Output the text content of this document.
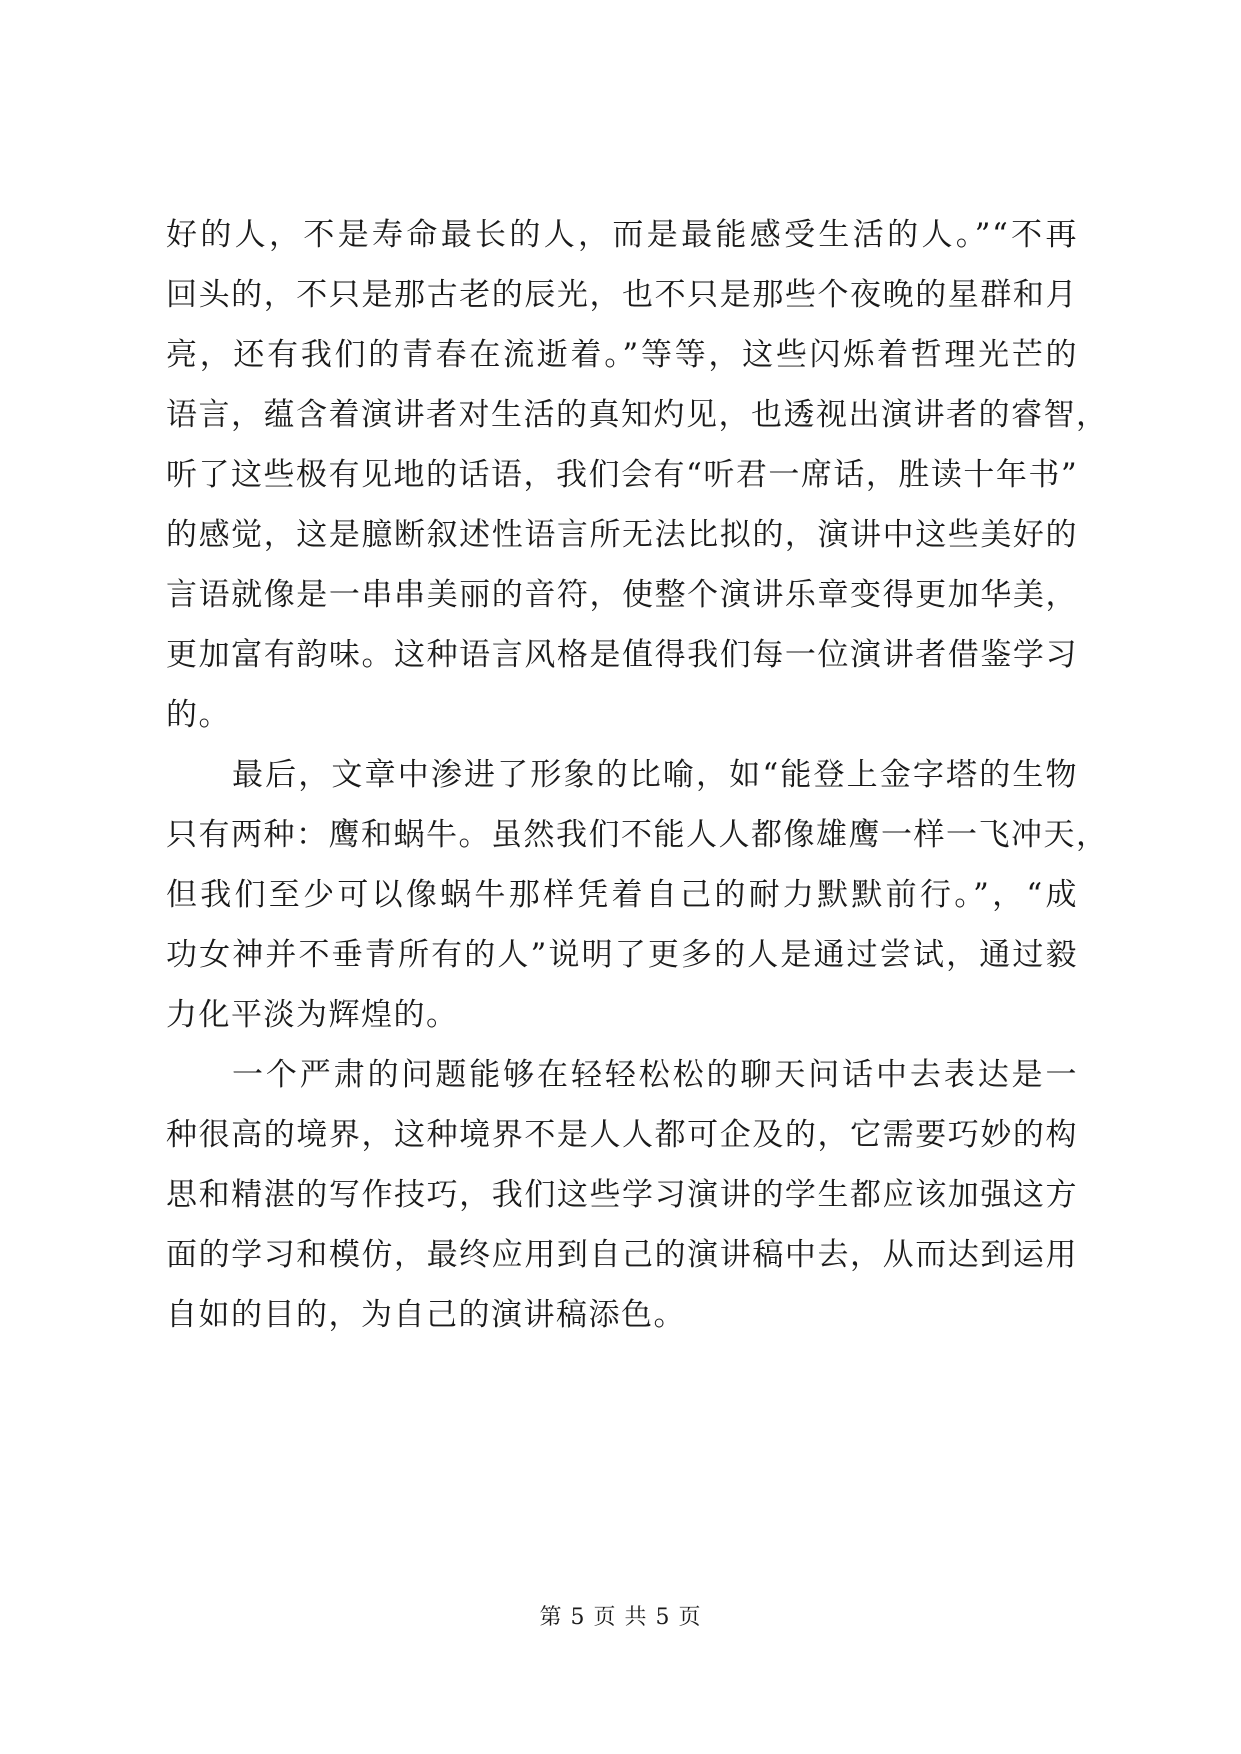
好的人，不是寿命最长的人，而是最能感受生活的人。”“不再
回头的，不只是那古老的辰光，也不只是那些个夜晚的星群和月
亮，还有我们的青春在流逝着。”等等，这些闪烁着哲理光芒的
语言，蕴含着演讲者对生活的真知灼见，也透视出演讲者的睿智，
听了这些极有见地的话语，我们会有“听君一席话，胜读十年书”
的感觉，这是臆断叙述性语言所无法比拟的，演讲中这些美好的
言语就像是一串串美丽的音符，使整个演讲乐章变得更加华美，
更加富有韵味。这种语言风格是值得我们每一位演讲者借鉴学习
的。
最后，文章中渗进了形象的比喻，如“能登上金字塔的生物
只有两种：鹰和蜗牛。虽然我们不能人人都像雄鹰一样一飞冲天，
但我们至少可以像蜗牛那样凭着自己的耐力默默前行。”，“成
功女神并不垂青所有的人”说明了更多的人是通过尝试，通过毅
力化平淡为辉煌的。
一个严肃的问题能够在轻轻松松的聊天问话中去表达是一
种很高的境界，这种境界不是人人都可企及的，它需要巧妙的构
思和精湛的写作技巧，我们这些学习演讲的学生都应该加强这方
面的学习和模仿，最终应用到自己的演讲稿中去，从而达到运用
自如的目的，为自己的演讲稿添色。
第 5 页 共 5 页
